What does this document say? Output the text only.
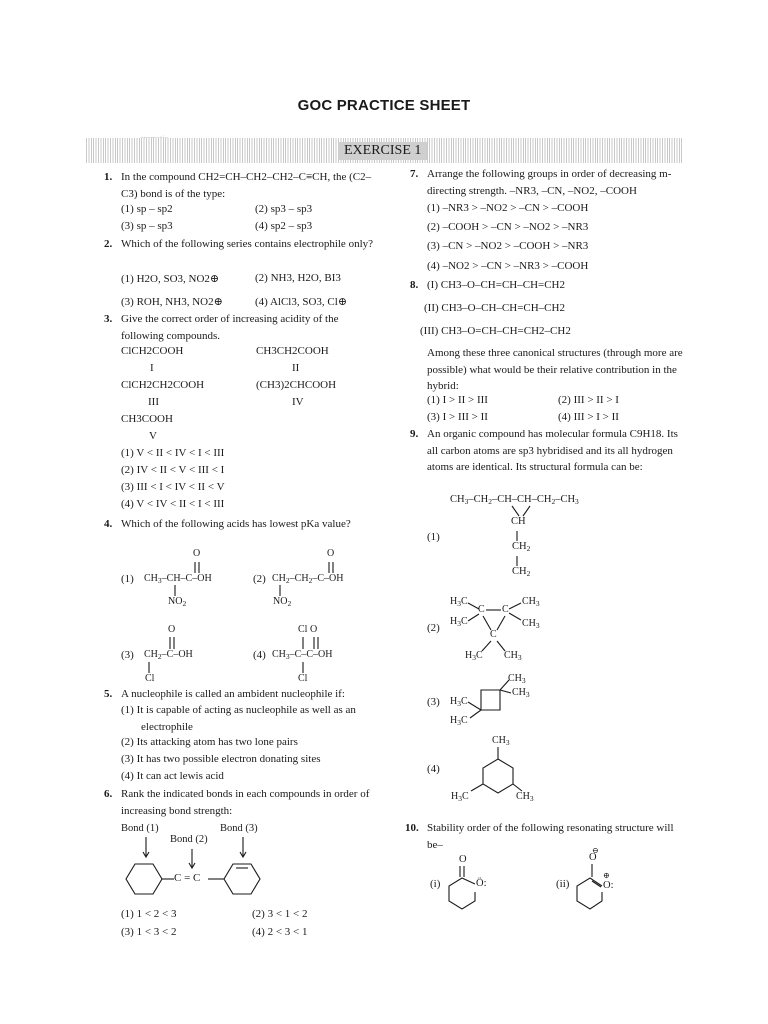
GOC PRACTICE SHEET
EXERCISE 1
1. In the compound CH2=CH–CH2–CH2–C≡CH, the (C2–C3) bond is of the type:
(1) sp – sp2	(2) sp3 – sp3
(3) sp – sp3	(4) sp2 – sp3
2. Which of the following series contains electrophile only?
(1) H2O, SO3, NO2⊕	(2) NH3, H2O, BI3
(3) ROH, NH3, NO2⊕	(4) AlCl3, SO3, Cl⊕
3. Give the correct order of increasing acidity of the following compounds.
ClCH2COOH
I
CH3CH2COOH
II
ClCH2CH2COOH
III
(CH3)2CHCOOH
IV
CH3COOH
V
(1) V < II < IV < I < III
(2) IV < II < V < III < I
(3) III < I < IV < II < V
(4) V < IV < II < I < III
4. Which of the following acids has lowest pKa value?
(1) $CH_3-CH-C-OH$
O
$NO_2$
(2) $CH_2-CH_2-C-OH$
O
$NO_2$
(3) $CH_2-C-OH$
O
Cl
(4) $CH_3-C-C-OH$
Cl O
Cl
5. A nucleophile is called an ambident nucleophile if:
(1) It is capable of acting as nucleophile as well as an electrophile
(2) Its attacking atom has two lone pairs
(3) It has two possible electron donating sites
(4) It can act lewis acid
6. Rank the indicated bonds in each compounds in order of increasing bond strength:
Bond (1)
Bond (2)
Bond (3)
C = C
(1) 1 < 2 < 3	(2) 3 < 1 < 2
(3) 1 < 3 < 2	(4) 2 < 3 < 1
7. Arrange the following groups in order of decreasing m-directing strength. –NR3, –CN, –NO2, –COOH
(1) –NR3 > –NO2 > –CN > –COOH
(2) –COOH > –CN > –NO2 > –NR3
(3) –CN > –NO2 > –COOH > –NR3
(4) –NO2 > –CN > –NR3 > –COOH
8. (I) CH3–O–CH=CH–CH=CH2
(II) CH3–O–CH–CH=CH–CH2
(III) CH3–O=CH–CH=CH2–CH2
Among these three canonical structures (through more are possible) what would be their relative contribution in the hybrid:
(1) I > II > III	(2) III > II > I
(3) I > III > II	(4) III > I > II
9. An organic compound has molecular formula C9H18. Its all carbon atoms are sp3 hybridised and its all hydrogen atoms are identical. Its structural formula can be:
(1)
$CH_3-CH_2-CH-CH-CH_2-CH_3$
CH
$CH_2$
$CH_2$
(2)
$H_3C$
$H_3C$
C C
C
$CH_3$
$CH_3$
$H_3C$ $CH_3$
(3) $H_3C$
$H_3C$
$CH_3$
$CH_3$
(4)
$CH_3$
$H_3C$	$CH_3$
10. Stability order of the following resonating structure will be–
(i)
O
Ö:	(ii)
O
⊖
⊕
O:
